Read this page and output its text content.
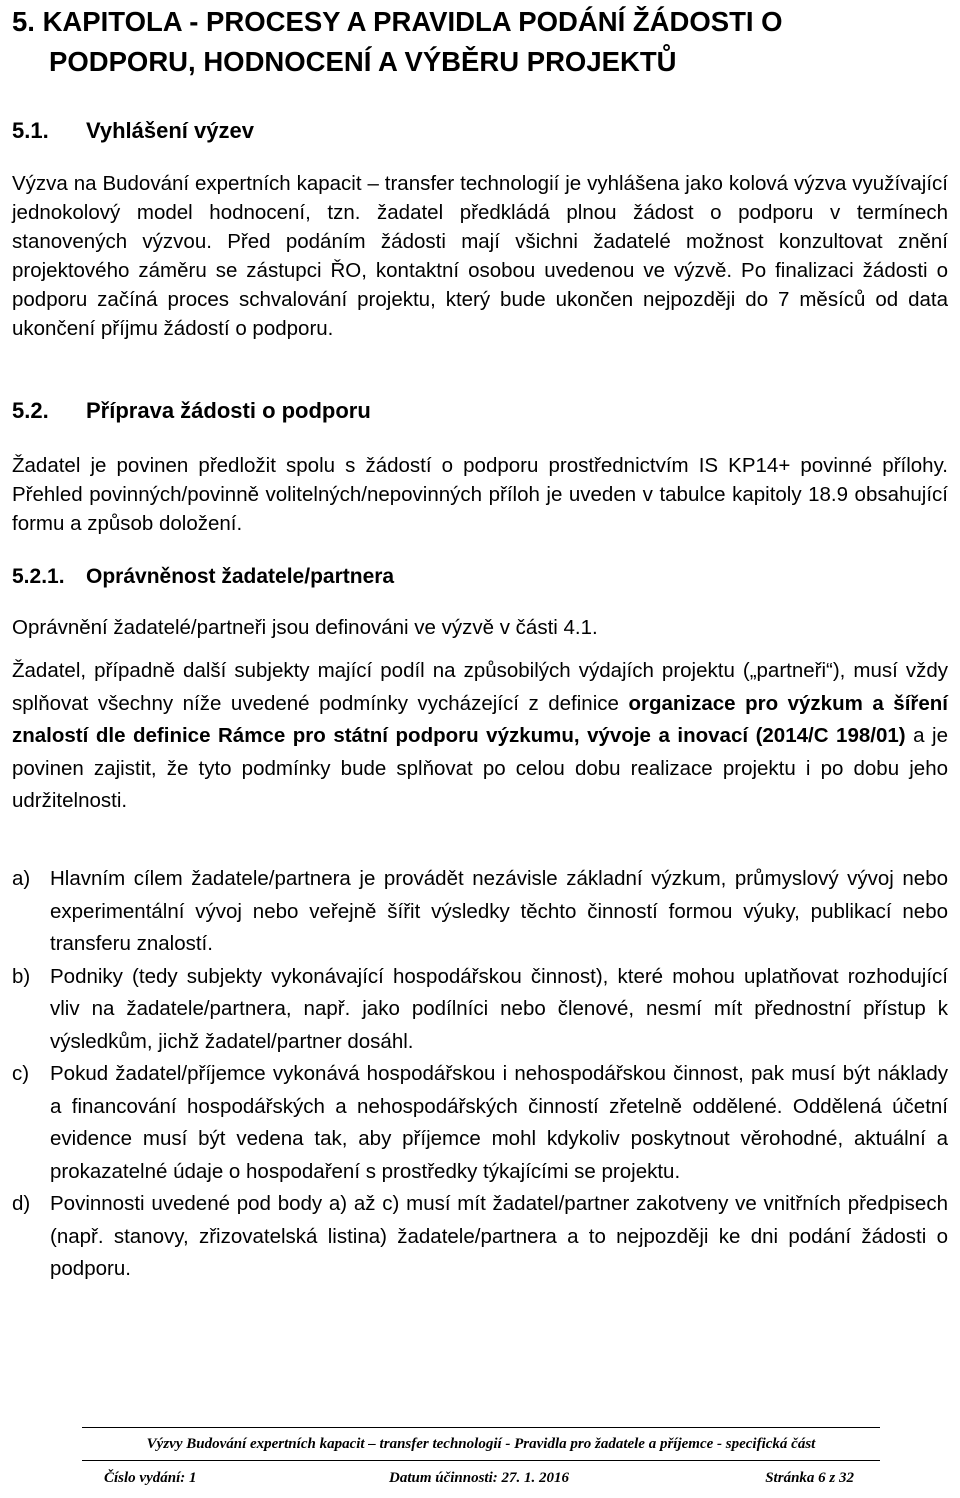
5. KAPITOLA - PROCESY A PRAVIDLA PODÁNÍ ŽÁDOSTI O
PODPORU, HODNOCENÍ A VÝBĚRU PROJEKTŮ
5.1. Vyhlášení výzev

Výzva na Budování expertních kapacit – transfer technologií je vyhlášena jako kolová výzva využívající jednokolový model hodnocení, tzn. žadatel předkládá plnou žádost o podporu v termínech stanovených výzvou. Před podáním žádosti mají všichni žadatelé možnost konzultovat znění projektového záměru se zástupci ŘO, kontaktní osobou uvedenou ve výzvě. Po finalizaci žádosti o podporu začíná proces schvalování projektu, který bude ukončen nejpozději do 7 měsíců od data ukončení příjmu žádostí o podporu.

5.2. Příprava žádosti o podporu

Žadatel je povinen předložit spolu s žádostí o podporu prostřednictvím IS KP14+ povinné přílohy. Přehled povinných/povinně volitelných/nepovinných příloh je uveden v tabulce kapitoly 18.9 obsahující formu a způsob doložení.

5.2.1. Oprávněnost žadatele/partnera

Oprávnění žadatelé/partneři jsou definováni ve výzvě v části 4.1.

Žadatel, případně další subjekty mající podíl na způsobilých výdajích projektu („partneři“), musí vždy splňovat všechny níže uvedené podmínky vycházející z definice organizace pro výzkum a šíření znalostí dle definice Rámce pro státní podporu výzkumu, vývoje a inovací (2014/C 198/01) a je povinen zajistit, že tyto podmínky bude splňovat po celou dobu realizace projektu i po dobu jeho udržitelnosti.

a) Hlavním cílem žadatele/partnera je provádět nezávisle základní výzkum, průmyslový vývoj nebo experimentální vývoj nebo veřejně šířit výsledky těchto činností formou výuky, publikací nebo transferu znalostí.
b) Podniky (tedy subjekty vykonávající hospodářskou činnost), které mohou uplatňovat rozhodující vliv na žadatele/partnera, např. jako podílníci nebo členové, nesmí mít přednostní přístup k výsledkům, jichž žadatel/partner dosáhl.
c) Pokud žadatel/příjemce vykonává hospodářskou i nehospodářskou činnost, pak musí být náklady a financování hospodářských a nehospodářských činností zřetelně oddělené. Oddělená účetní evidence musí být vedena tak, aby příjemce mohl kdykoliv poskytnout věrohodné, aktuální a prokazatelné údaje o hospodaření s prostředky týkajícími se projektu.
d) Povinnosti uvedené pod body a) až c) musí mít žadatel/partner zakotveny ve vnitřních předpisech (např. stanovy, zřizovatelská listina) žadatele/partnera a to nejpozději ke dni podání žádosti o podporu.
Výzvy Budování expertních kapacit – transfer technologií - Pravidla pro žadatele a příjemce - specifická část
Číslo vydání: 1	Datum účinnosti: 27. 1. 2016	Stránka 6 z 32
